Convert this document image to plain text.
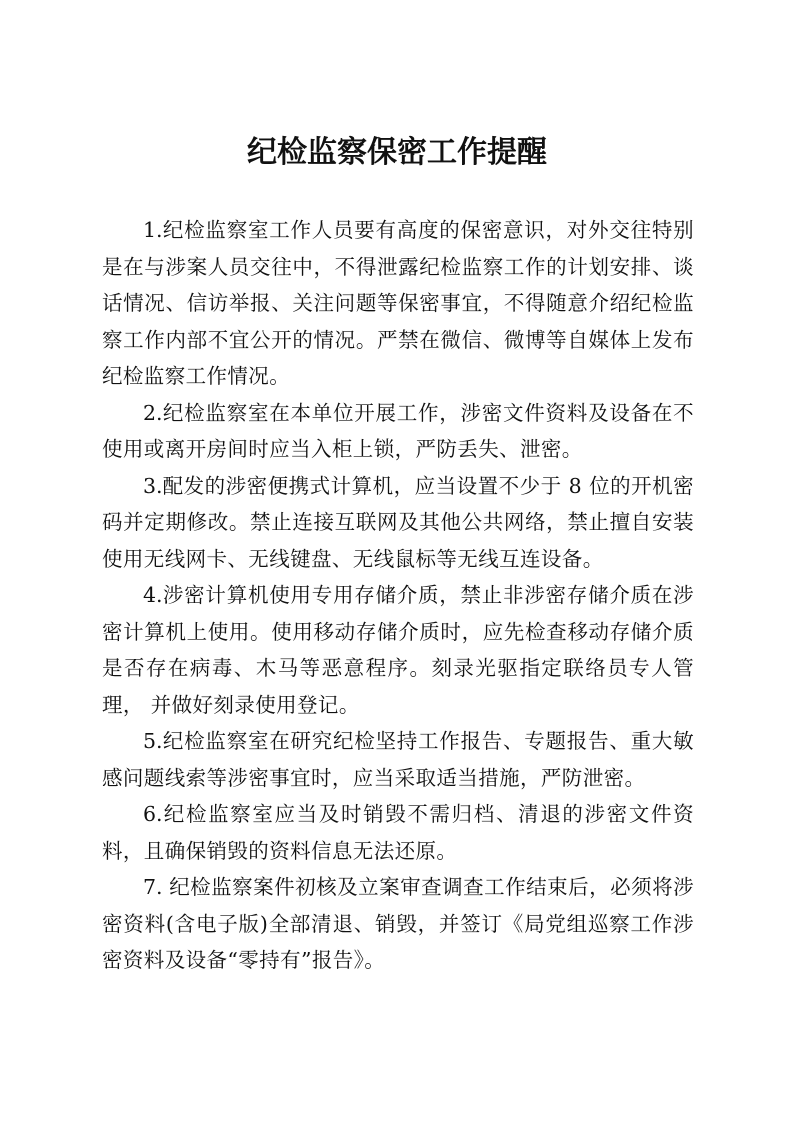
纪检监察保密工作提醒

1.纪检监察室工作人员要有高度的保密意识，对外交往特别是在与涉案人员交往中，不得泄露纪检监察工作的计划安排、谈话情况、信访举报、关注问题等保密事宜，不得随意介绍纪检监察工作内部不宜公开的情况。严禁在微信、微博等自媒体上发布纪检监察工作情况。

2.纪检监察室在本单位开展工作，涉密文件资料及设备在不使用或离开房间时应当入柜上锁，严防丢失、泄密。

3.配发的涉密便携式计算机，应当设置不少于 8 位的开机密码并定期修改。禁止连接互联网及其他公共网络，禁止擅自安装使用无线网卡、无线键盘、无线鼠标等无线互连设备。

4.涉密计算机使用专用存储介质，禁止非涉密存储介质在涉密计算机上使用。使用移动存储介质时，应先检查移动存储介质是否存在病毒、木马等恶意程序。刻录光驱指定联络员专人管理， 并做好刻录使用登记。

5.纪检监察室在研究纪检坚持工作报告、专题报告、重大敏感问题线索等涉密事宜时，应当采取适当措施，严防泄密。

6.纪检监察室应当及时销毁不需归档、清退的涉密文件资料，且确保销毁的资料信息无法还原。

7. 纪检监察案件初核及立案审查调查工作结束后，必须将涉密资料(含电子版)全部清退、销毁，并签订《局党组巡察工作涉密资料及设备“零持有”报告》。
